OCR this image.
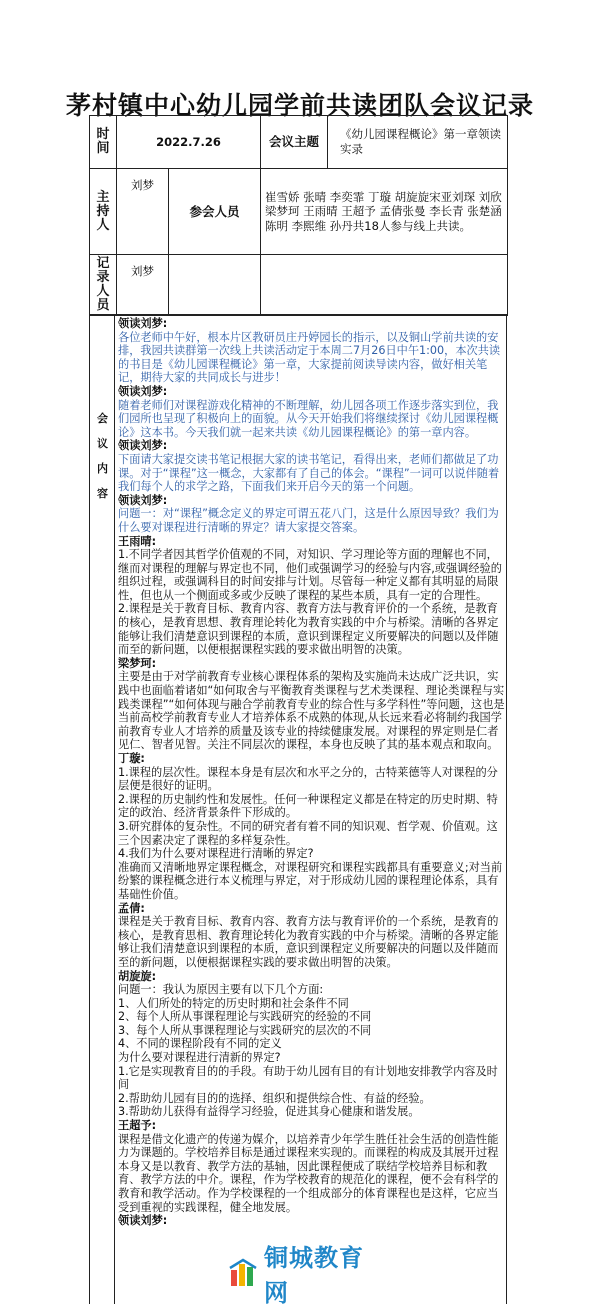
茅村镇中心幼儿园学前共读团队会议记录
时间	2022.7.26		会议主题	《幼儿园课程概论》第一章领读实录
主持人	刘梦	参会人员	崔雪娇 张晴 李奕霏 丁璇 胡旋旋宋亚刘琛 刘欣 梁梦珂 王雨晴 王超予 孟倩张曼 李长青 张楚涵 陈明 李熙维 孙丹共18人参与线上共读。	
记录人员	刘梦			
会
议
内
容
领读刘梦:

各位老师中午好，根本片区教研员庄丹婷园长的指示，以及铜山学前共读的安排，我园共读群第一次线上共读活动定于本周二7月26日中午1:00，本次共读的书目是《幼儿园课程概论》第一章，大家提前阅读导读内容，做好相关笔记，期待大家的共同成长与进步！

领读刘梦:

随着老师们对课程游戏化精神的不断理解，幼儿园各项工作逐步落实到位，我们园所也呈现了积极向上的面貌。从今天开始我们将继续探讨《幼儿园课程概论》这本书。今天我们就一起来共读《幼儿园课程概论》的第一章内容。

领读刘梦:

下面请大家提交读书笔记根据大家的读书笔记，看得出来，老师们都做足了功课。对于“课程”这一概念，大家都有了自己的体会。“课程”一词可以说伴随着我们每个人的求学之路，下面我们来开启今天的第一个问题。

领读刘梦:

问题一：对“课程”概念定义的界定可谓五花八门，这是什么原因导致？我们为什么要对课程进行清晰的界定？请大家提交答案。

王雨晴:

1.不同学者因其哲学价值观的不同，对知识、学习理论等方面的理解也不同，继而对课程的理解与界定也不同，他们或强调学习的经验与内容,或强调经验的组织过程，或强调科目的时间安排与计划。尽管每一种定义都有其明显的局限性，但也从一个侧面或多或少反映了课程的某些本质，具有一定的合理性。

2.课程是关于教育目标、教育内容、教育方法与教育评价的一个系统，是教育的核心，是教育思想、教育理论转化为教育实践的中介与桥梁。清晰的各界定能够让我们清楚意识到课程的本质，意识到课程定义所要解决的问题以及伴随而至的新问题，以便根据课程实践的要求做出明智的决策。

梁梦珂:

主要是由于对学前教育专业核心课程体系的架构及实施尚未达成广泛共识，实践中也面临着诸如“如何取舍与平衡教育类课程与艺术类课程、理论类课程与实践类课程”“如何体现与融合学前教育专业的综合性与多学科性”等问题，这也是当前高校学前教育专业人才培养体系不成熟的体现,从长远来看必将制约我国学前教育专业人才培养的质量及该专业的持续健康发展。对课程的界定则是仁者见仁、智者见智。关注不同层次的课程，本身也反映了其的基本观点和取向。

丁璇:

1.课程的层次性。课程本身是有层次和水平之分的，古特莱德等人对课程的分层便是很好的证明。

2.课程的历史制约性和发展性。任何一种课程定义都是在特定的历史时期、特定的政治、经济背景条件下形成的。

3.研究群体的复杂性。不同的研究者有着不同的知识观、哲学观、价值观。这三个因素决定了课程的多样复杂性。

4.我们为什么要对课程进行清晰的界定?

准确而又清晰地界定课程概念，对课程研究和课程实践都具有重要意义;对当前纷繁的课程概念进行本义梳理与界定，对于形成幼儿园的课程理论体系，具有基础性价值。

孟倩:

课程是关于教育目标、教育内容、教育方法与教育评价的一个系统，是教育的核心，是教育思相、教育理论转化为教育实践的中介与桥梁。清晰的各界定能够让我们清楚意识到课程的本质，意识到课程定义所要解决的问题以及伴随而至的新问题，以便根据课程实践的要求做出明智的决策。

胡旋旋:

问题一：我认为原因主要有以下几个方面:

1、人们所处的特定的历史时期和社会条件不同

2、每个人所从事课程理论与实践研究的经验的不同

3、每个人所从事课程理论与实践研究的层次的不同

4、不同的课程阶段有不同的定义

为什么要对课程进行清新的界定?

1.它是实现教育目的的手段。有助于幼儿园有目的有计划地安排教学内容及时间

2.帮助幼儿园有目的的选择、组织和提供综合性、有益的经验。

3.帮助幼儿获得有益得学习经验，促进其身心健康和谐发展。

王超予:

课程是借文化遗产的传递为媒介，以培养青少年学生胜任社会生活的创造性能力为课题的。学校培养目标是通过课程来实现的。而课程的构成及其展开过程本身又是以教育、教学方法的基轴，因此课程便成了联结学校培养目标和教育、教学方法的中介。课程，作为学校教育的规范化的课程，便不会有科学的教育和教学活动。作为学校课程的一个组成部分的体育课程也是这样，它应当受到重视的实践课程，健全地发展。

领读刘梦:
铜城教育网
